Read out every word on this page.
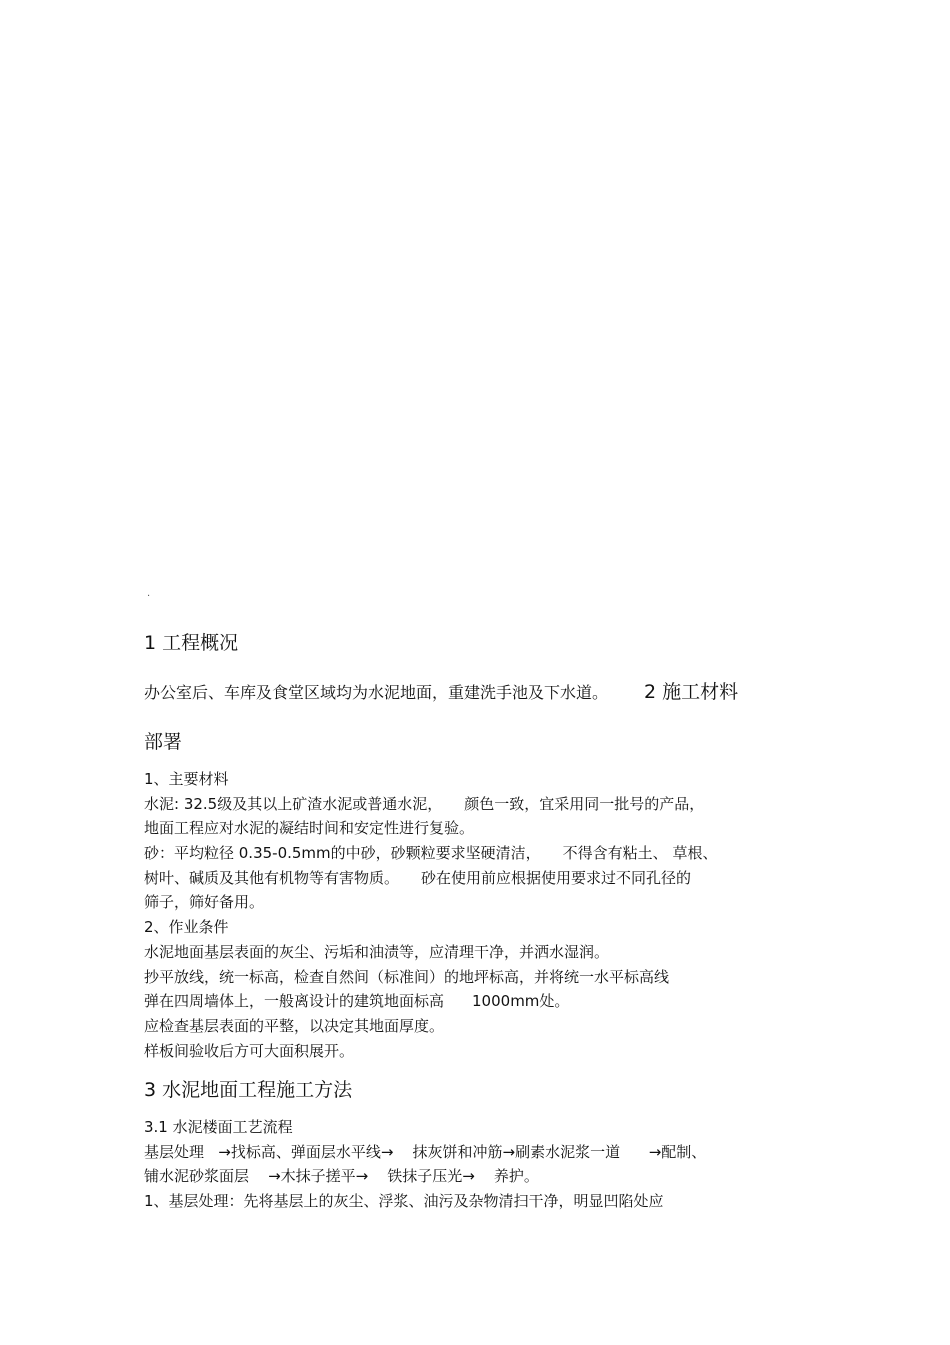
·
1 工程概况
办公室后、车库及食堂区域均为水泥地面，重建洗手池及下水道。 2 施工材料
部署
1、主要材料
水泥: 32.5级及其以上矿渣水泥或普通水泥， 颜色一致，宜采用同一批号的产品，
地面工程应对水泥的凝结时间和安定性进行复验。
砂：平均粒径 0.35-0.5mm的中砂，砂颗粒要求坚硬清洁， 不得含有粘土、 草根、
树叶、碱质及其他有机物等有害物质。 砂在使用前应根据使用要求过不同孔径的
筛子，筛好备用。
2、作业条件
水泥地面基层表面的灰尘、污垢和油渍等，应清理干净，并洒水湿润。
抄平放线，统一标高，检查自然间（标准间）的地坪标高，并将统一水平标高线
弹在四周墙体上，一般离设计的建筑地面标高 1000mm处。
应检查基层表面的平整，以决定其地面厚度。
样板间验收后方可大面积展开。
3 水泥地面工程施工方法
3.1 水泥楼面工艺流程
基层处理   →找标高、弹面层水平线→    抹灰饼和冲筋→刷素水泥浆一道      →配制、
铺水泥砂浆面层    →木抹子搓平→    铁抹子压光→    养护。
1、基层处理：先将基层上的灰尘、浮浆、油污及杂物清扫干净，明显凹陷处应
